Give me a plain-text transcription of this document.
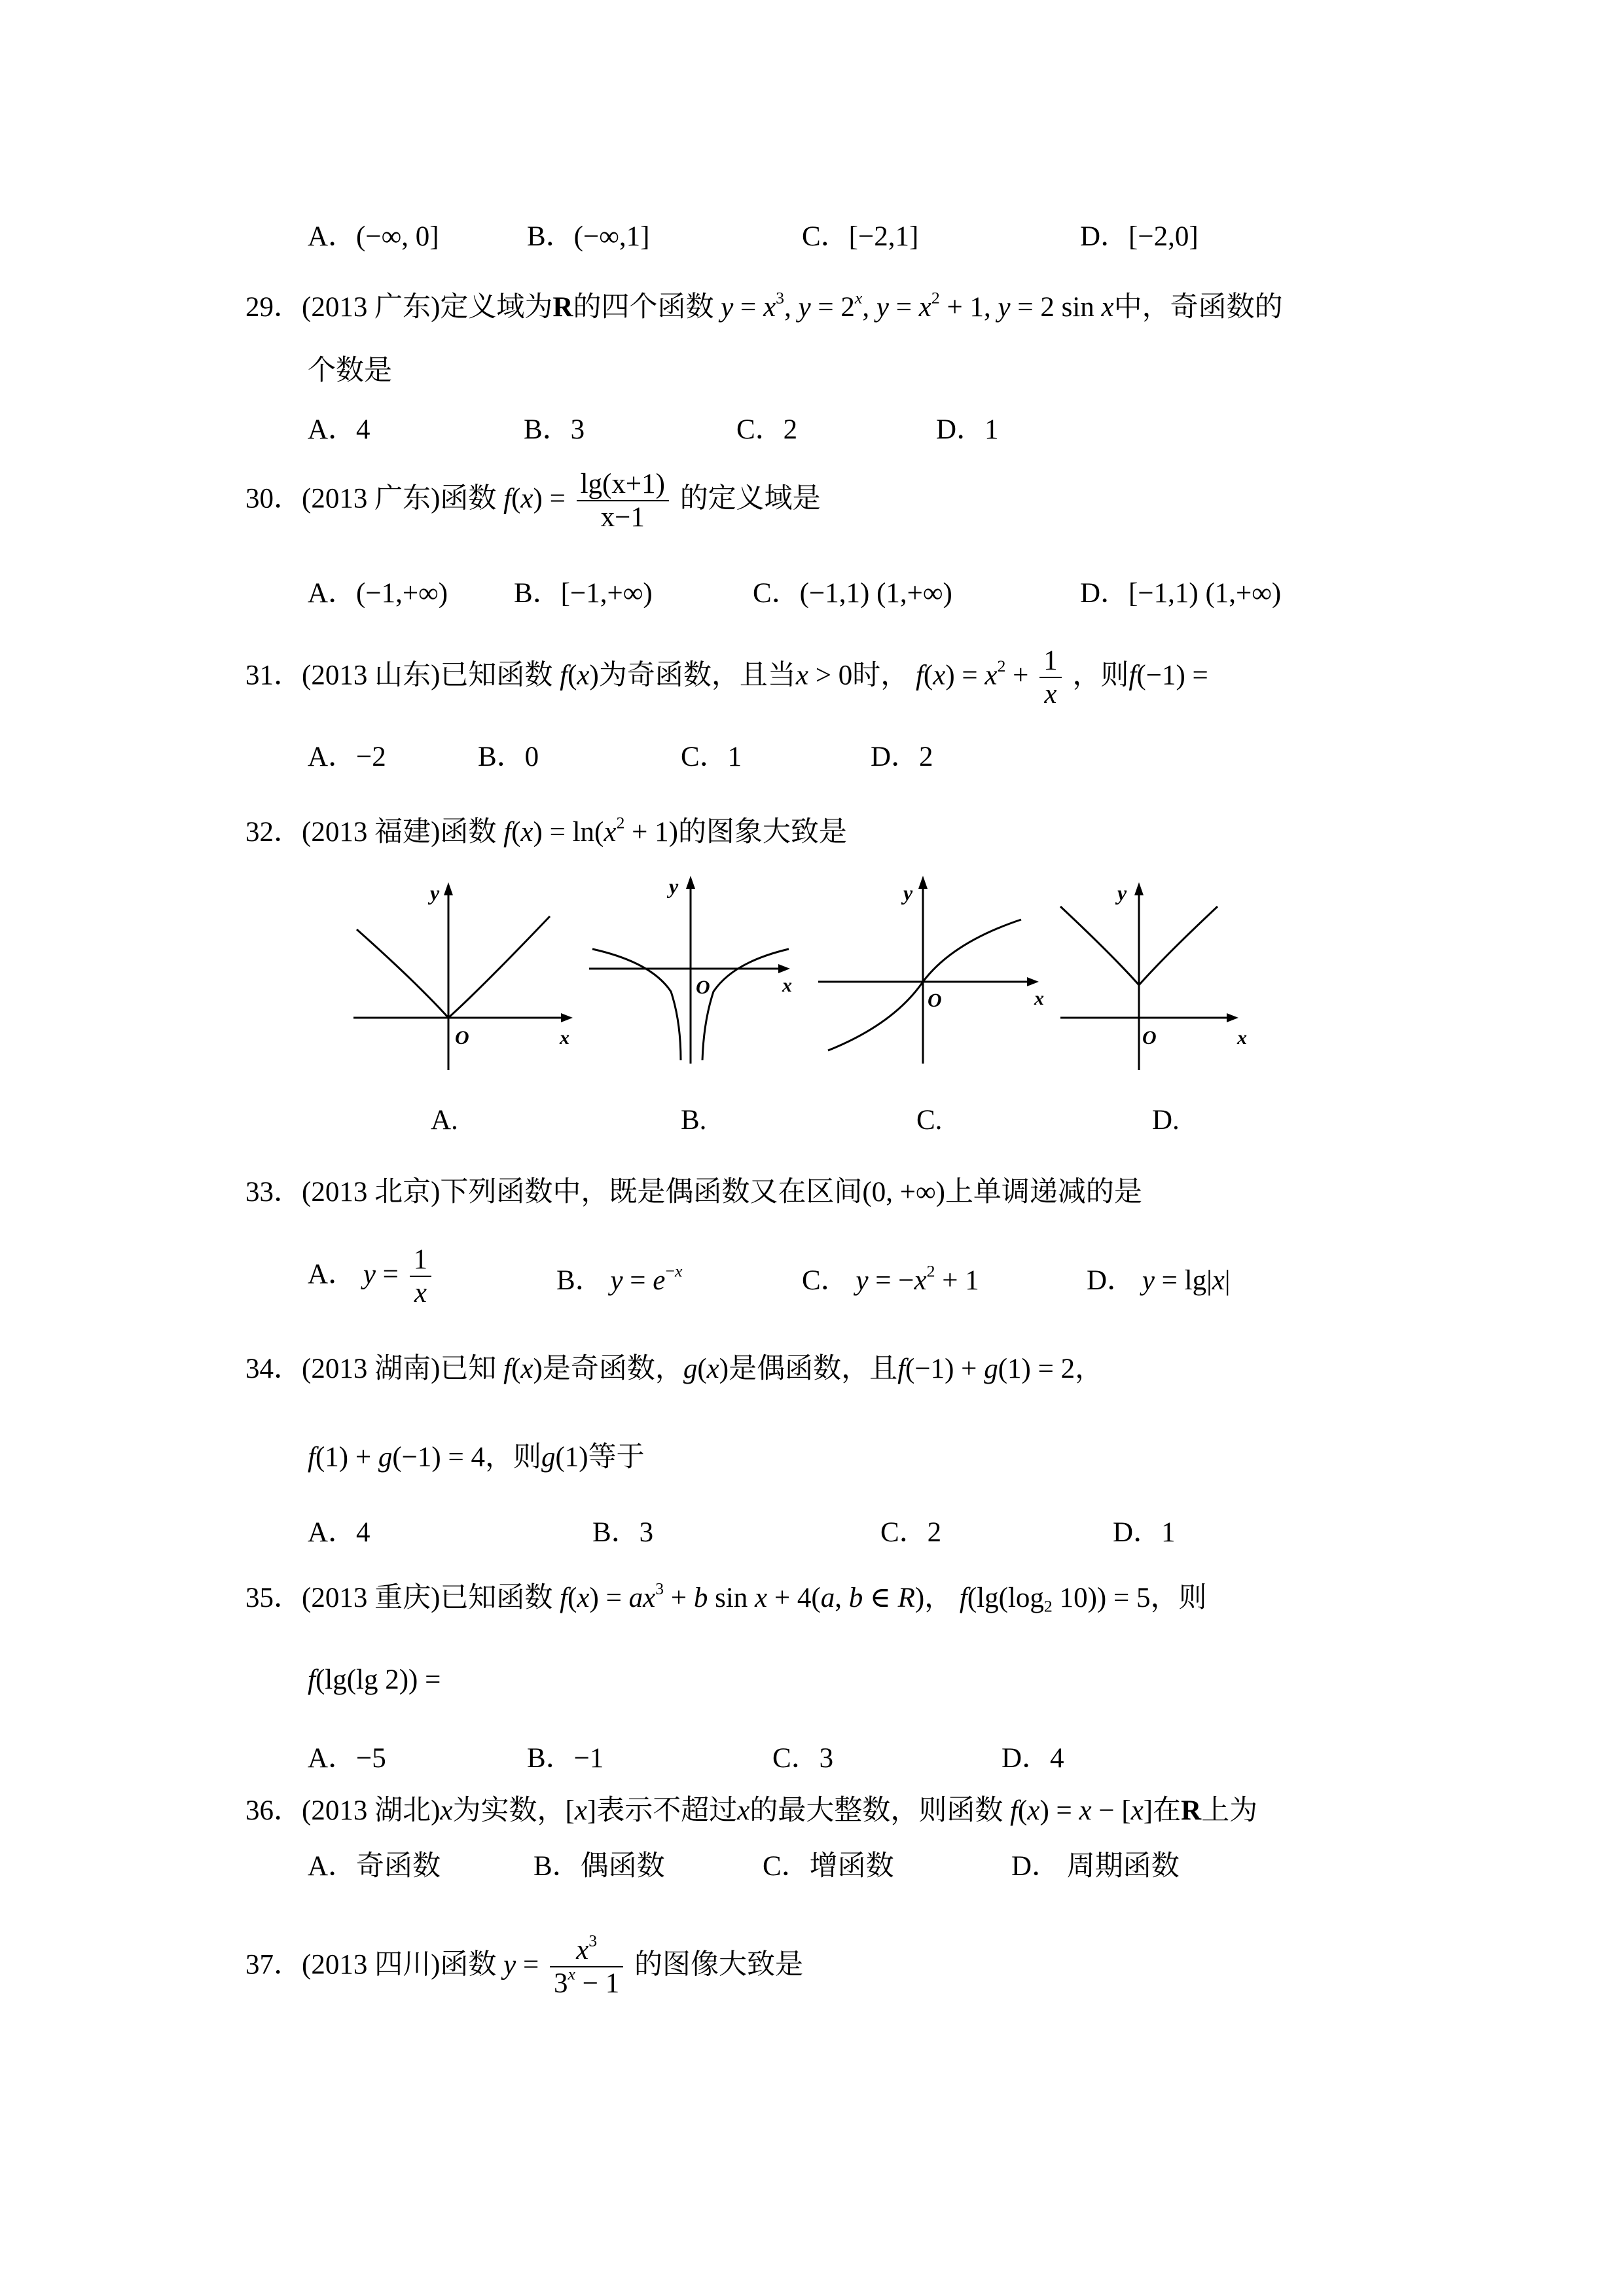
A．(−∞, 0]	B．(−∞,1]	C．[−2,1]	D．[−2,0]
29．(2013 广东)定义域为R的四个函数 $y = x^3$, $y = 2^x$, $y = x^2 + 1$, y = 2 sin x中，奇函数的
个数是
A．4	B．3	C．2	D．1
30．(2013 广东)函数 $f(x) = \frac{\lg(x+1)}{x-1}$ 的定义域是
A．(−1,+∞) B．[−1,+∞)	C．(−1,1) (1,+∞)	D．[−1,1) (1,+∞)
31．(2013 山东)已知函数 f(x)为奇函数，且当x > 0时， $f(x) = x^2 + \frac{1}{x}$ ，则f(−1) =
A．−2	B．0	C．1	D．2
32．(2013 福建)函数 $f(x) = \ln(x^2 + 1)$的图象大致是
y
x
O
y
x
O
y
x
O
y
x
O
A.	B.	C.	D.
33．(2013 北京)下列函数中，既是偶函数又在区间(0, +∞)上单调递减的是
A． $y = \frac{1}{x}$	B． $y = e^{-x}$	C． $y = -x^2 + 1$	D． y = lg|x|
34．(2013 湖南)已知 f(x)是奇函数，g(x)是偶函数，且f(−1) + g(1) = 2，
f(1) + g(−1) = 4，则g(1)等于
A．4	B．3	C．2	D．1
35．(2013 重庆)已知函数 $f(x) = ax^3 + b$ sin x + 4(a, b ∈ R)， $f(\lg(\log_2$ 10)) = 5，则
f(lg(lg 2)) =
A．−5	B．−1	C．3	D．4
36．(2013 湖北)x为实数，[x]表示不超过x的最大整数，则函数 f(x) = x − [x]在R上为
A．奇函数	B．偶函数	C．增函数	D． 周期函数
37．(2013 四川)函数 $y = \frac{x^3}{3^x - 1}$ 的图像大致是
